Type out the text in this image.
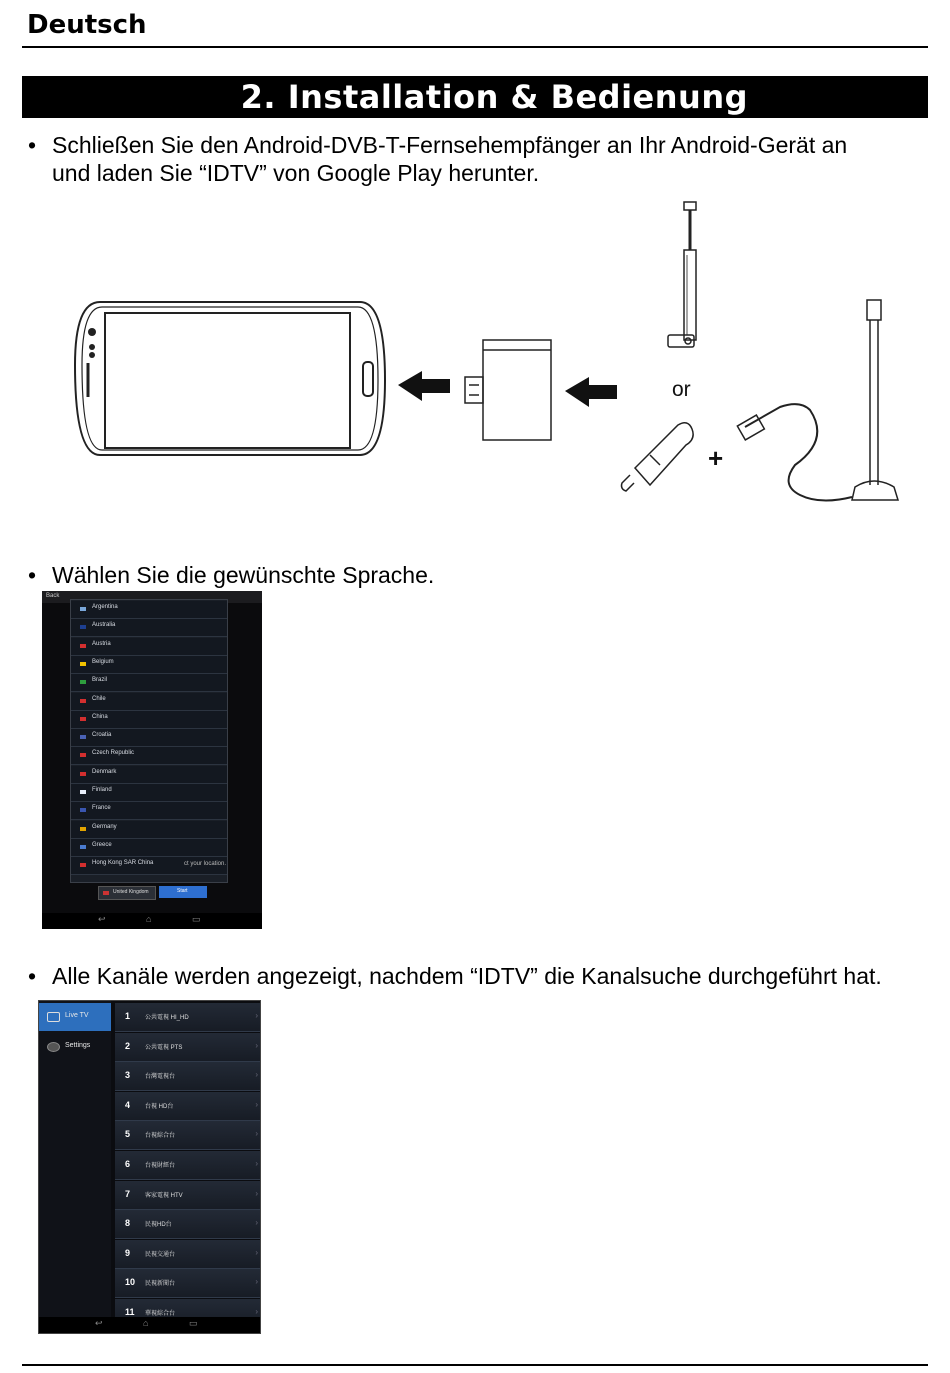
Deutsch
2. Installation & Bedienung
• Schließen Sie den Android-DVB-T-Fernsehempfänger an Ihr Android-Gerät an
und laden Sie “IDTV” von Google Play herunter.
or
+
• Wählen Sie die gewünschte Sprache.
Back
Argentina
Australia
Austria
Belgium
Brazil
Chile
China
Croatia
Czech Republic
Denmark
Finland
France
Germany
Greece
Hong Kong SAR China	ct your location.
United Kingdom	Start
↩	⌂	▭
• Alle Kanäle werden angezeigt, nachdem “IDTV” die Kanalsuche durchgeführt hat.
Live TV
Settings
1 公共電視 HI_HD	›
2 公共電視 PTS	›
3 台灣電視台	›
4 台視 HD台	›
5 台視綜合台	›
6 台視財經台	›
7 客家電視 HTV	›
8 民視HD台	›
9 民視交通台	›
10 民視新聞台	›
11 華視綜合台	›
↩	⌂	▭
